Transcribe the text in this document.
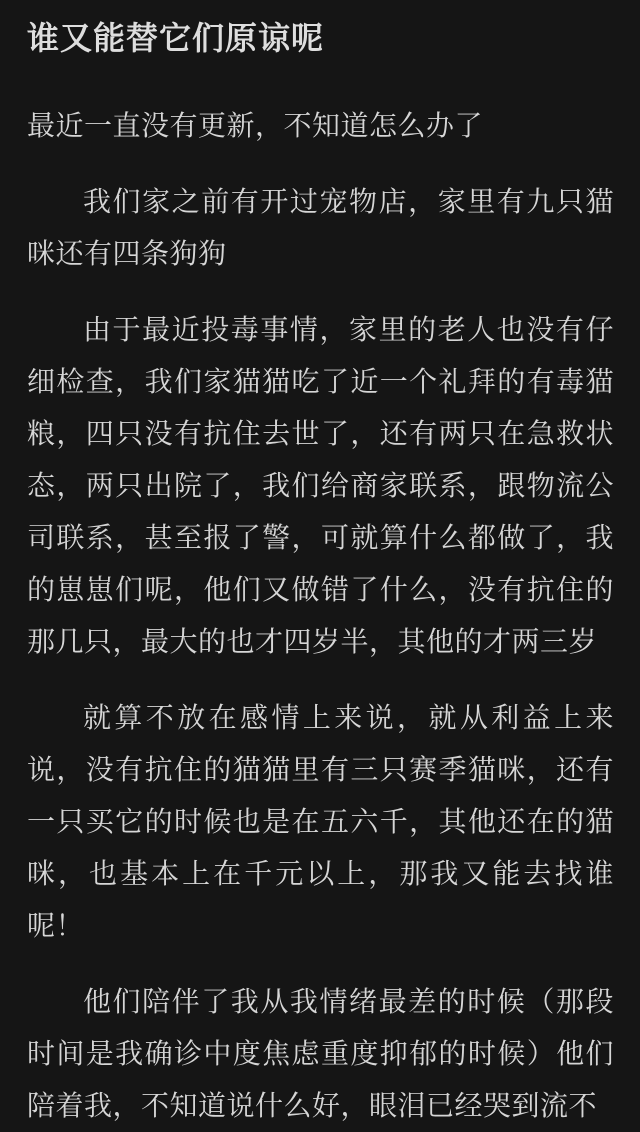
谁又能替它们原谅呢

最近一直没有更新，不知道怎么办了

我们家之前有开过宠物店，家里有九只猫咪还有四条狗狗

由于最近投毒事情，家里的老人也没有仔细检查，我们家猫猫吃了近一个礼拜的有毒猫粮，四只没有抗住去世了，还有两只在急救状态，两只出院了，我们给商家联系，跟物流公司联系，甚至报了警，可就算什么都做了，我的崽崽们呢，他们又做错了什么，没有抗住的那几只，最大的也才四岁半，其他的才两三岁

就算不放在感情上来说，就从利益上来说，没有抗住的猫猫里有三只赛季猫咪，还有一只买它的时候也是在五六千，其他还在的猫咪，也基本上在千元以上，那我又能去找谁呢！

他们陪伴了我从我情绪最差的时候（那段时间是我确诊中度焦虑重度抑郁的时候）他们陪着我，不知道说什么好，眼泪已经哭到流不
